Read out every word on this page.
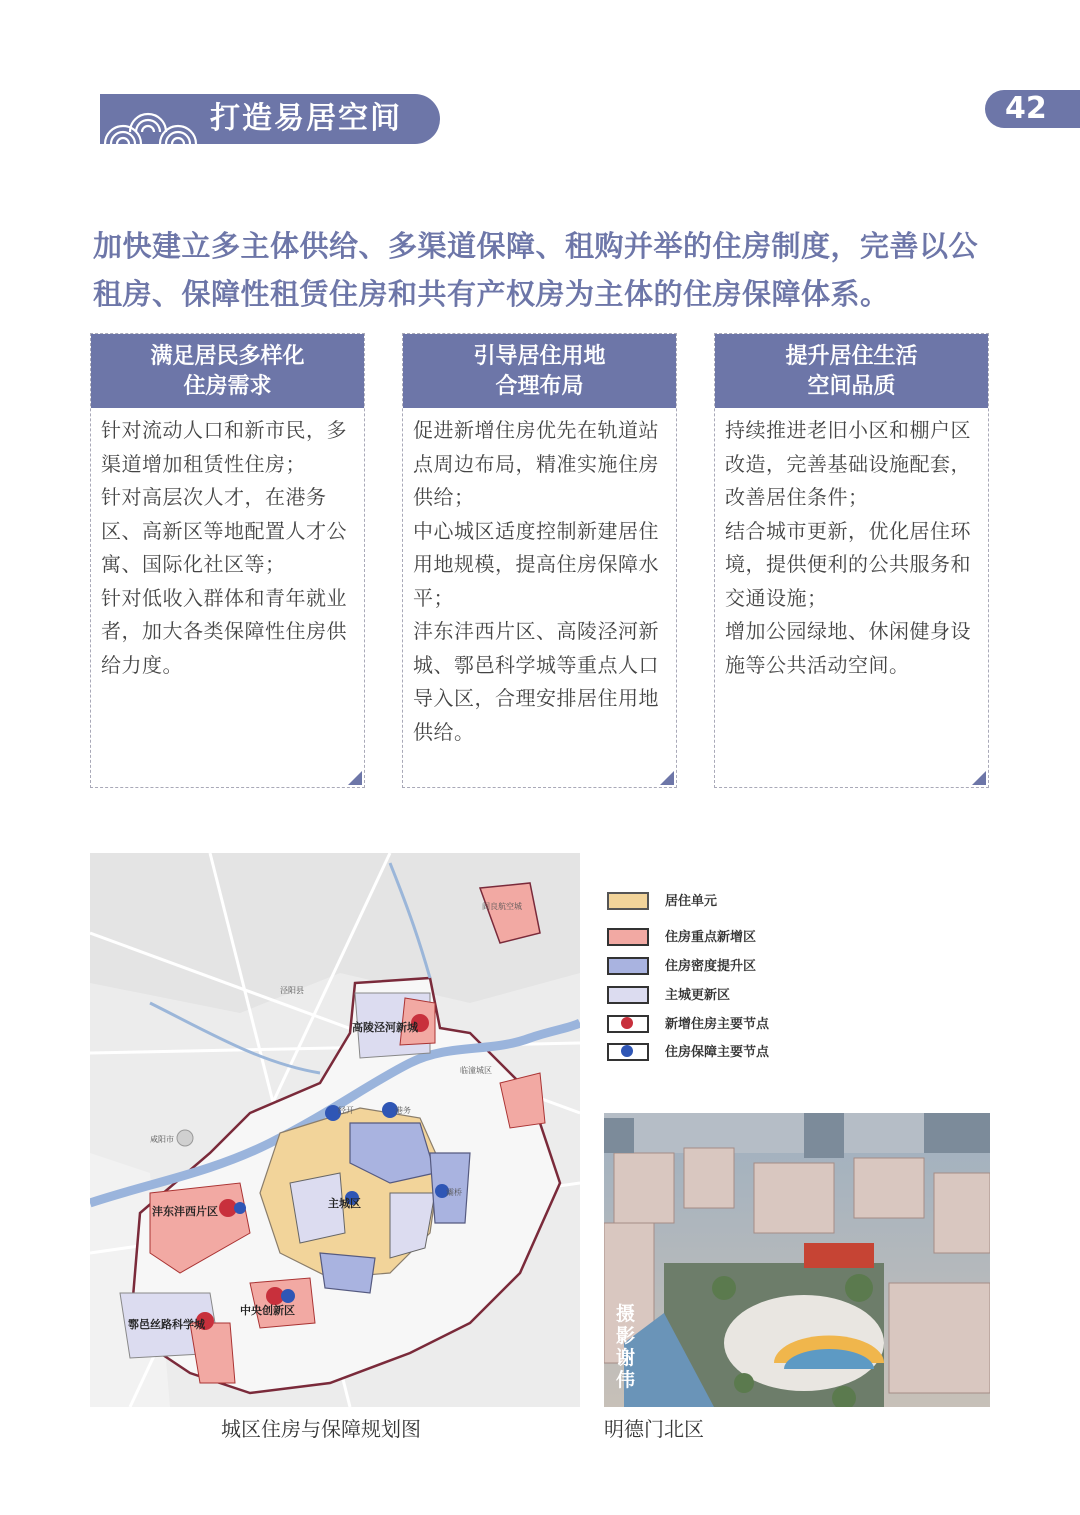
打造易居空间	42
加快建立多主体供给、多渠道保障、租购并举的住房制度，完善以公租房、保障性租赁住房和共有产权房为主体的住房保障体系。
满足居民多样化
住房需求

针对流动人口和新市民，多渠道增加租赁性住房；

针对高层次人才，在港务区、高新区等地配置人才公寓、国际化社区等；

针对低收入群体和青年就业者，加大各类保障性住房供给力度。

引导居住用地
合理布局

促进新增住房优先在轨道站点周边布局，精准实施住房供给；

中心城区适度控制新建居住用地规模，提高住房保障水平；

沣东沣西片区、高陵泾河新城、鄠邑科学城等重点人口导入区，合理安排居住用地供给。

提升居住生活
空间品质

持续推进老旧小区和棚户区改造，完善基础设施配套，改善居住条件；

结合城市更新，优化居住环境，提供便利的公共服务和交通设施；

增加公园绿地、休闲健身设施等公共活动空间。

高陵泾河新城
沣东沣西片区
鄠邑丝路科学城
中央创新区
主城区
阎良航空城
临潼城区
咸阳市
经开	港务
灞桥
泾阳县
居住单元
住房重点新增区
住房密度提升区
主城更新区
新增住房主要节点
住房保障主要节点
摄影 谢伟
城区住房与保障规划图	明德门北区
